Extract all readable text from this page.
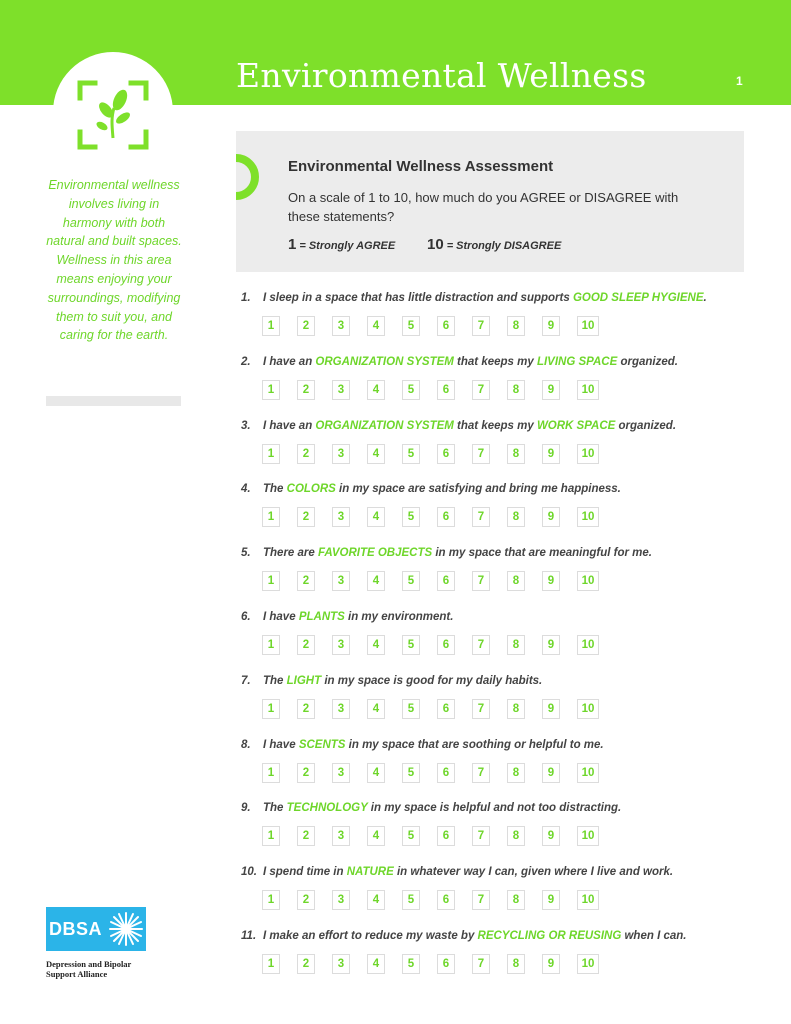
Environmental Wellness	1
Environmental wellness involves living in harmony with both natural and built spaces. Wellness in this area means enjoying your surroundings, modifying them to suit you, and caring for the earth.
Environmental Wellness Assessment
On a scale of 1 to 10, how much do you AGREE or DISAGREE with these statements?
1 = Strongly AGREE 10 = Strongly DISAGREE
1. I sleep in a space that has little distraction and supports GOOD SLEEP HYGIENE.
1	2	3	4	5	6	7	8	9	10
2. I have an ORGANIZATION SYSTEM that keeps my LIVING SPACE organized.
1	2	3	4	5	6	7	8	9	10
3. I have an ORGANIZATION SYSTEM that keeps my WORK SPACE organized.
1	2	3	4	5	6	7	8	9	10
4. The COLORS in my space are satisfying and bring me happiness.
1	2	3	4	5	6	7	8	9	10
5. There are FAVORITE OBJECTS in my space that are meaningful for me.
1	2	3	4	5	6	7	8	9	10
6. I have PLANTS in my environment.
1	2	3	4	5	6	7	8	9	10
7. The LIGHT in my space is good for my daily habits.
1	2	3	4	5	6	7	8	9	10
8. I have SCENTS in my space that are soothing or helpful to me.
1	2	3	4	5	6	7	8	9	10
9. The TECHNOLOGY in my space is helpful and not too distracting.
1	2	3	4	5	6	7	8	9	10
10. I spend time in NATURE in whatever way I can, given where I live and work.
1	2	3	4	5	6	7	8	9	10
11. I make an effort to reduce my waste by RECYCLING OR REUSING when I can.
1	2	3	4	5	6	7	8	9	10
DBSA
Depression and Bipolar
Support Alliance
